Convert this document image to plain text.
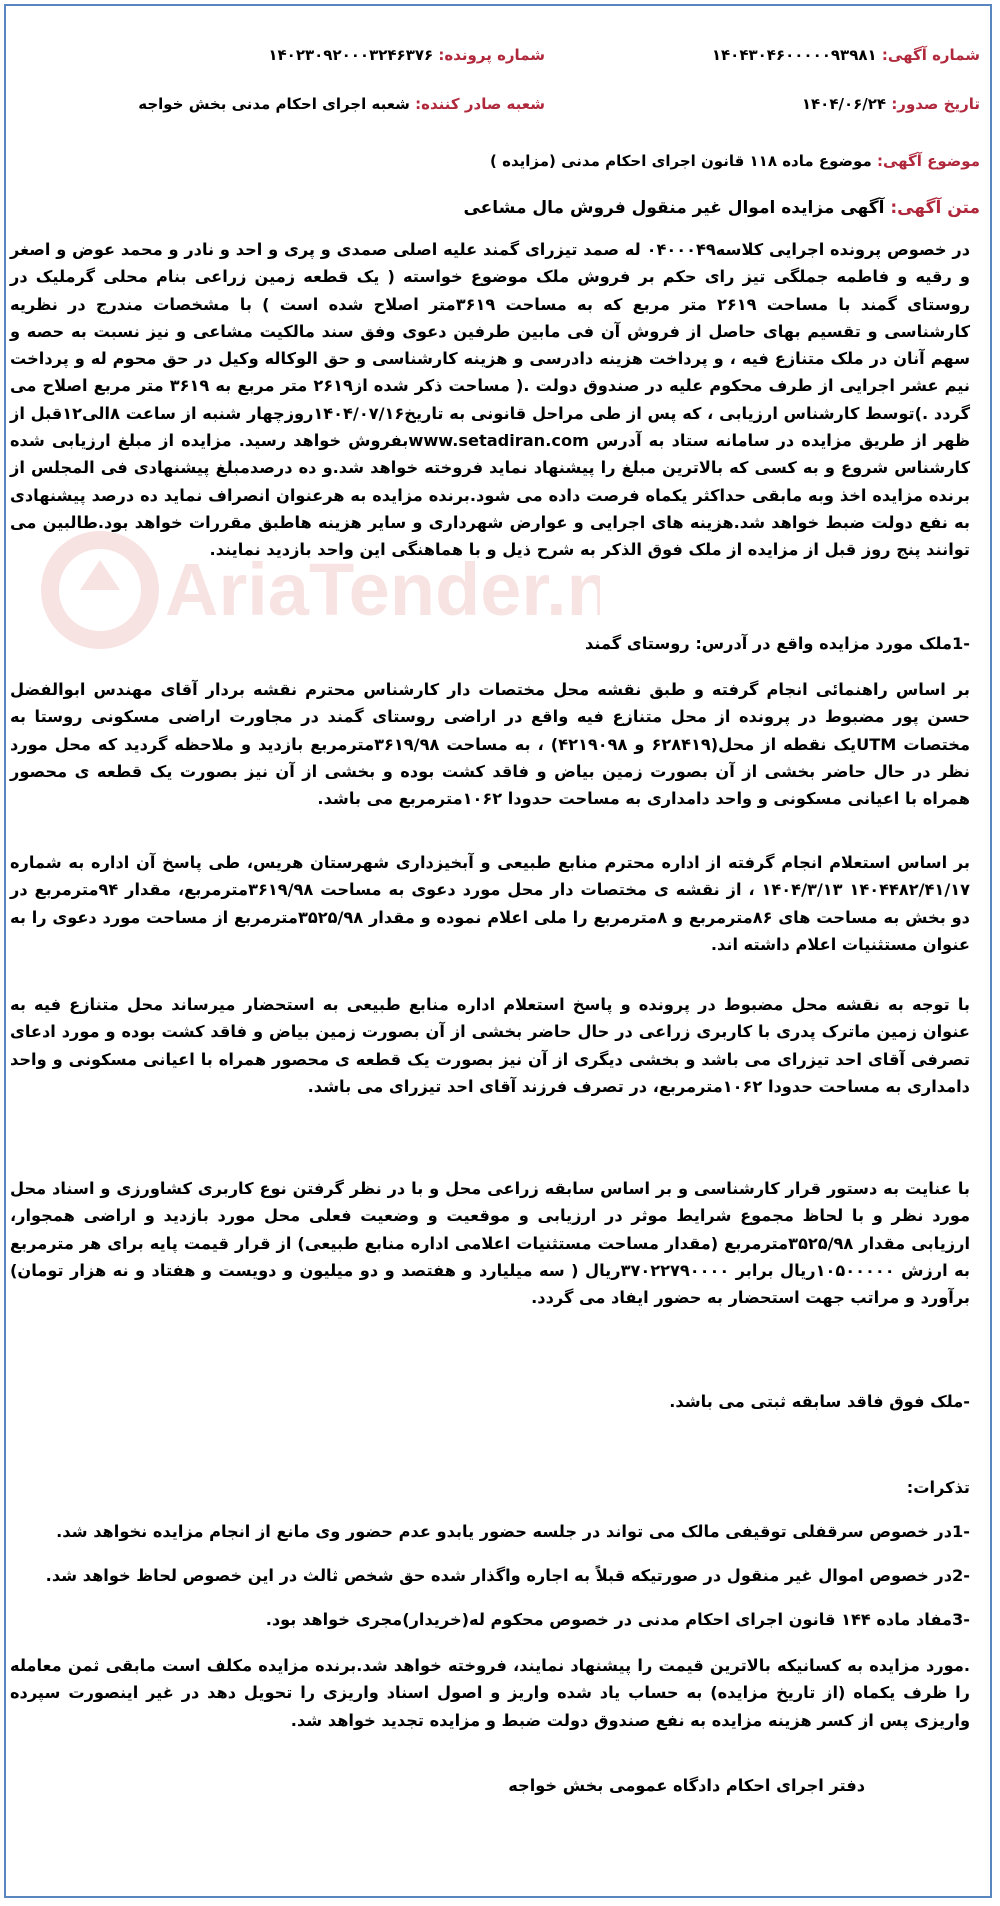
شماره آگهی: ۱۴۰۴۳۰۴۶۰۰۰۰۰۹۳۹۸۱
شماره پرونده: ۱۴۰۲۳۰۹۲۰۰۰۳۲۴۶۳۷۶
تاریخ صدور: ۱۴۰۴/۰۶/۲۴
شعبه صادر کننده: شعبه اجرای احکام مدنی بخش خواجه
موضوع آگهی: موضوع ماده ۱۱۸ قانون اجرای احکام مدنی (مزایده )
متن آگهی: آگهی مزایده اموال غیر منقول فروش مال مشاعی

در خصوص پرونده اجرایی کلاسه۰۴۰۰۰۴۹ له صمد تیزرای گمند علیه اصلی صمدی و پری و احد و نادر و محمد عوض و اصغر و رقیه و فاطمه جملگی تیز رای حکم بر فروش ملک موضوع خواسته ( یک قطعه زمین زراعی بنام محلی گرملیک در روستای گمند با مساحت ۲۶۱۹ متر مربع که به مساحت ۳۶۱۹متر اصلاح شده است ) با مشخصات مندرج در نظریه کارشناسی و تقسیم بهای حاصل از فروش آن فی مابین طرفین دعوی وفق سند مالکیت مشاعی و نیز نسبت به حصه و سهم آنان در ملک متنازع فیه ، و پرداخت هزینه دادرسی و هزینه کارشناسی و حق الوکاله وکیل در حق محوم له و پرداخت نیم عشر اجرایی از طرف محکوم علیه در صندوق دولت .( مساحت ذکر شده از۲۶۱۹ متر مربع به ۳۶۱۹ متر مربع اصلاح می گردد .)توسط کارشناس ارزیابی ، که پس از طی مراحل قانونی به تاریخ۱۴۰۴/۰۷/۱۶روزچهار شنبه از ساعت ۸الی۱۲قبل از ظهر از طریق مزایده در سامانه ستاد به آدرس www.setadiran.comبفروش خواهد رسید. مزایده از مبلغ ارزیابی شده کارشناس شروع و به کسی که بالاترین مبلغ را پیشنهاد نماید فروخته خواهد شد.و ده درصدمبلغ پیشنهادی فی المجلس از برنده مزایده اخذ وبه مابقی حداکثر یکماه فرصت داده می شود.برنده مزایده به هرعنوان انصراف نماید ده درصد پیشنهادی به نفع دولت ضبط خواهد شد.هزینه های اجرایی و عوارض شهرداری و سایر هزینه هاطبق مقررات خواهد بود.طالبین می توانند پنج روز قبل از مزایده از ملک فوق الذکر به شرح ذیل و با هماهنگی این واحد بازدید نمایند.

-1ملک مورد مزایده واقع در آدرس: روستای گمند

بر اساس راهنمائی انجام گرفته و طبق نقشه محل مختصات دار کارشناس محترم نقشه بردار آقای مهندس ابوالفضل حسن پور مضبوط در پرونده از محل متنازع فیه واقع در اراضی روستای گمند در مجاورت اراضی مسکونی روستا به مختصات UTMیک نقطه از محل(۶۲۸۴۱۹ و ۴۲۱۹۰۹۸) ، به مساحت ۳۶۱۹/۹۸مترمربع بازدید و ملاحظه گردید که محل مورد نظر در حال حاضر بخشی از آن بصورت زمین بیاض و فاقد کشت بوده و بخشی از آن نیز بصورت یک قطعه ی محصور همراه با اعیانی مسکونی و واحد دامداری به مساحت حدودا ۱۰۶۲مترمربع می باشد.

بر اساس استعلام انجام گرفته از اداره محترم منابع طبیعی و آبخیزداری شهرستان هریس، طی پاسخ آن اداره به شماره ۱۴۰۴۴۸۲/۴۱/۱۷ ۱۴۰۴/۳/۱۳ ، از نقشه ی مختصات دار محل مورد دعوی به مساحت ۳۶۱۹/۹۸مترمربع، مقدار ۹۴مترمربع در دو بخش به مساحت های ۸۶مترمربع و ۸مترمربع را ملی اعلام نموده و مقدار ۳۵۲۵/۹۸مترمربع از مساحت مورد دعوی را به عنوان مستثنیات اعلام داشته اند.

با توجه به نقشه محل مضبوط در پرونده و پاسخ استعلام اداره منابع طبیعی به استحضار میرساند محل متنازع فیه به عنوان زمین ماترک پدری با کاربری زراعی در حال حاضر بخشی از آن بصورت زمین بیاض و فاقد کشت بوده و مورد ادعای تصرفی آقای احد تیزرای می باشد و بخشی دیگری از آن نیز بصورت یک قطعه ی محصور همراه با اعیانی مسکونی و واحد دامداری به مساحت حدودا ۱۰۶۲مترمربع، در تصرف فرزند آقای احد تیزرای می باشد.

با عنایت به دستور قرار کارشناسی و بر اساس سابقه زراعی محل و با در نظر گرفتن نوع کاربری کشاورزی و اسناد محل مورد نظر و با لحاظ مجموع شرایط موثر در ارزیابی و موقعیت و وضعیت فعلی محل مورد بازدید و اراضی همجوار، ارزیابی مقدار ۳۵۲۵/۹۸مترمربع (مقدار مساحت مستثنیات اعلامی اداره منابع طبیعی) از قرار قیمت پایه برای هر مترمربع به ارزش ۱۰۵۰۰۰۰۰ریال برابر ۳۷۰۲۲۷۹۰۰۰۰ریال ( سه میلیارد و هفتصد و دو میلیون و دویست و هفتاد و نه هزار تومان) برآورد و مراتب جهت استحضار به حضور ایفاد می گردد.

-ملک فوق فاقد سابقه ثبتی می باشد.
تذکرات:
-1در خصوص سرقفلی توقیفی مالک می تواند در جلسه حضور یابدو عدم حضور وی مانع از انجام مزایده نخواهد شد.
-2در خصوص اموال غیر منقول در صورتیکه قبلاً به اجاره واگذار شده حق شخص ثالث در این خصوص لحاظ خواهد شد.
-3مفاد ماده ۱۴۴ قانون اجرای احکام مدنی در خصوص محکوم له(خریدار)مجری خواهد بود.

.مورد مزایده به کسانیکه بالاترین قیمت را پیشنهاد نمایند، فروخته خواهد شد.برنده مزایده مکلف است مابقی ثمن معامله را ظرف یکماه (از تاریخ مزایده) به حساب یاد شده واریز و اصول اسناد واریزی را تحویل دهد در غیر اینصورت سپرده واریزی پس از کسر هزینه مزایده به نفع صندوق دولت ضبط و مزایده تجدید خواهد شد.

دفتر اجرای احکام دادگاه عمومی بخش خواجه
